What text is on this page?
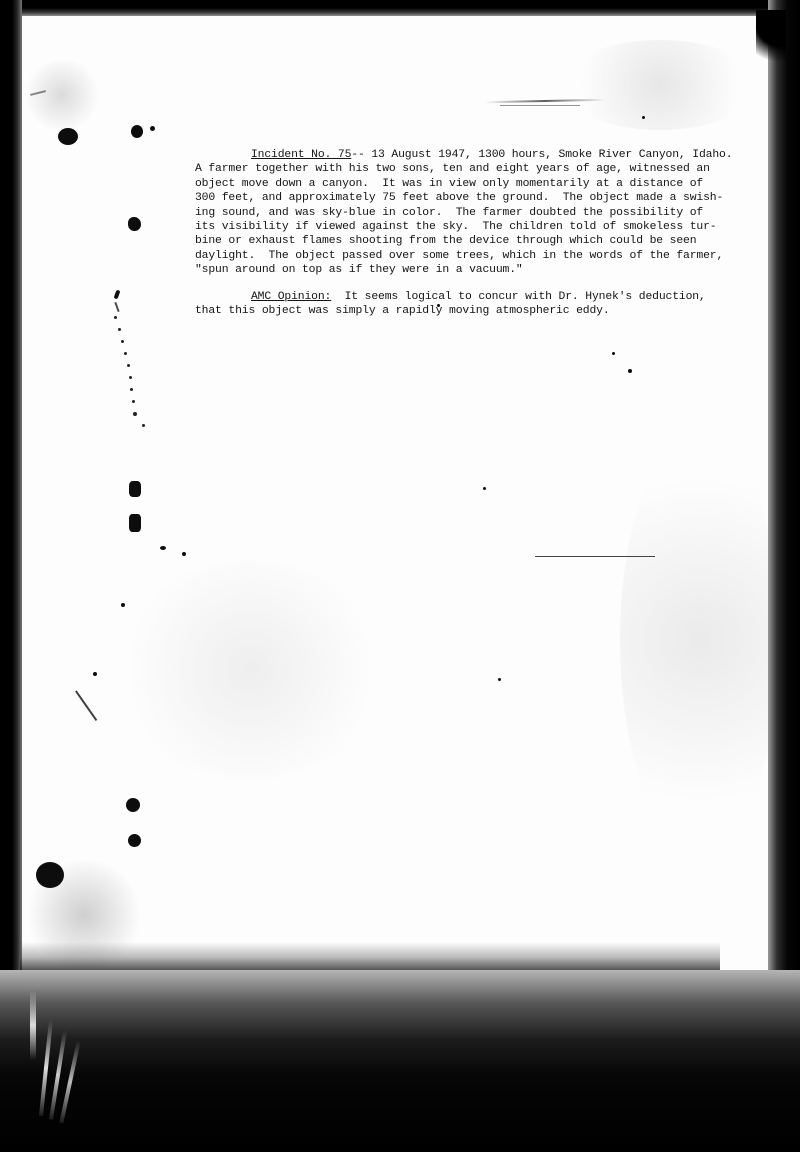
Incident No. 75-- 13 August 1947, 1300 hours, Smoke River Canyon, Idaho.
A farmer together with his two sons, ten and eight years of age, witnessed an
object move down a canyon.  It was in view only momentarily at a distance of
300 feet, and approximately 75 feet above the ground.  The object made a swish-
ing sound, and was sky-blue in color.  The farmer doubted the possibility of
its visibility if viewed against the sky.  The children told of smokeless tur-
bine or exhaust flames shooting from the device through which could be seen
daylight.  The object passed over some trees, which in the words of the farmer,
"spun around on top as if they were in a vacuum."
AMC Opinion:  It seems logical to concur with Dr. Hynek's deduction,
that this object was simply a rapidly moving atmospheric eddy.
